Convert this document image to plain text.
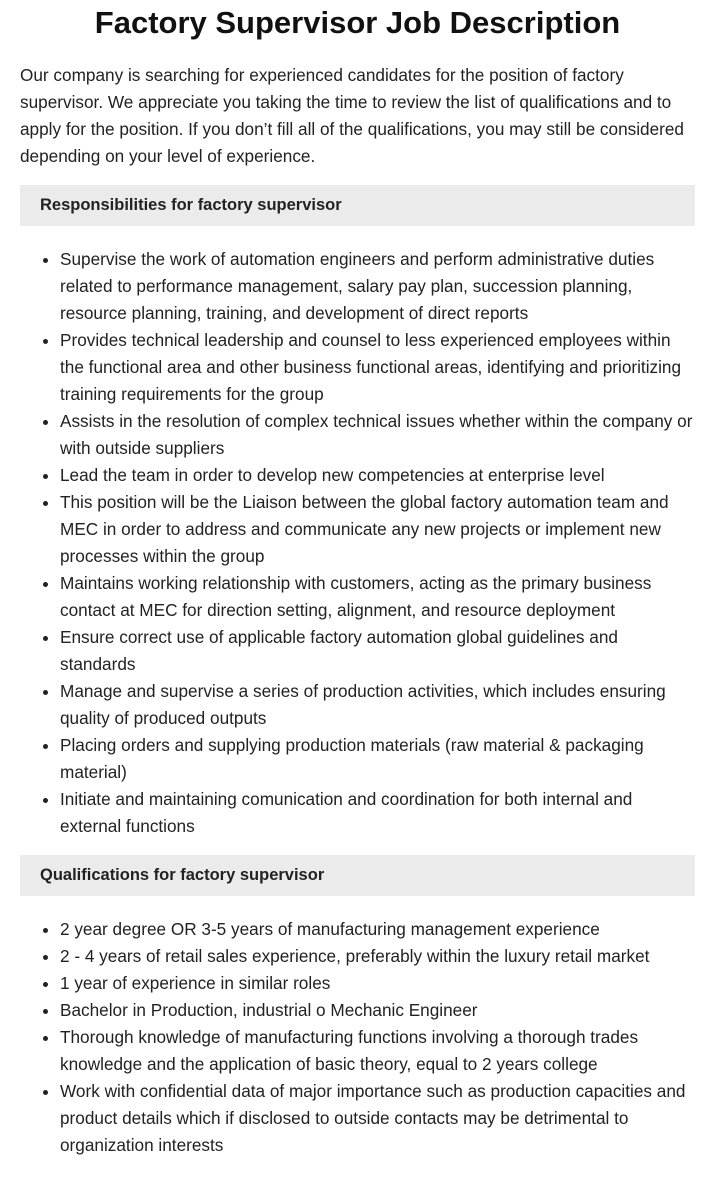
Factory Supervisor Job Description

Our company is searching for experienced candidates for the position of factory supervisor. We appreciate you taking the time to review the list of qualifications and to apply for the position. If you don’t fill all of the qualifications, you may still be considered depending on your level of experience.

Responsibilities for factory supervisor
Supervise the work of automation engineers and perform administrative duties related to performance management, salary pay plan, succession planning, resource planning, training, and development of direct reports
Provides technical leadership and counsel to less experienced employees within the functional area and other business functional areas, identifying and prioritizing training requirements for the group
Assists in the resolution of complex technical issues whether within the company or with outside suppliers
Lead the team in order to develop new competencies at enterprise level
This position will be the Liaison between the global factory automation team and MEC in order to address and communicate any new projects or implement new processes within the group
Maintains working relationship with customers, acting as the primary business contact at MEC for direction setting, alignment, and resource deployment
Ensure correct use of applicable factory automation global guidelines and standards
Manage and supervise a series of production activities, which includes ensuring quality of produced outputs
Placing orders and supplying production materials (raw material & packaging material)
Initiate and maintaining comunication and coordination for both internal and external functions
Qualifications for factory supervisor
2 year degree OR 3-5 years of manufacturing management experience
2 - 4 years of retail sales experience, preferably within the luxury retail market
1 year of experience in similar roles
Bachelor in Production, industrial o Mechanic Engineer
Thorough knowledge of manufacturing functions involving a thorough trades knowledge and the application of basic theory, equal to 2 years college
Work with confidential data of major importance such as production capacities and product details which if disclosed to outside contacts may be detrimental to organization interests
